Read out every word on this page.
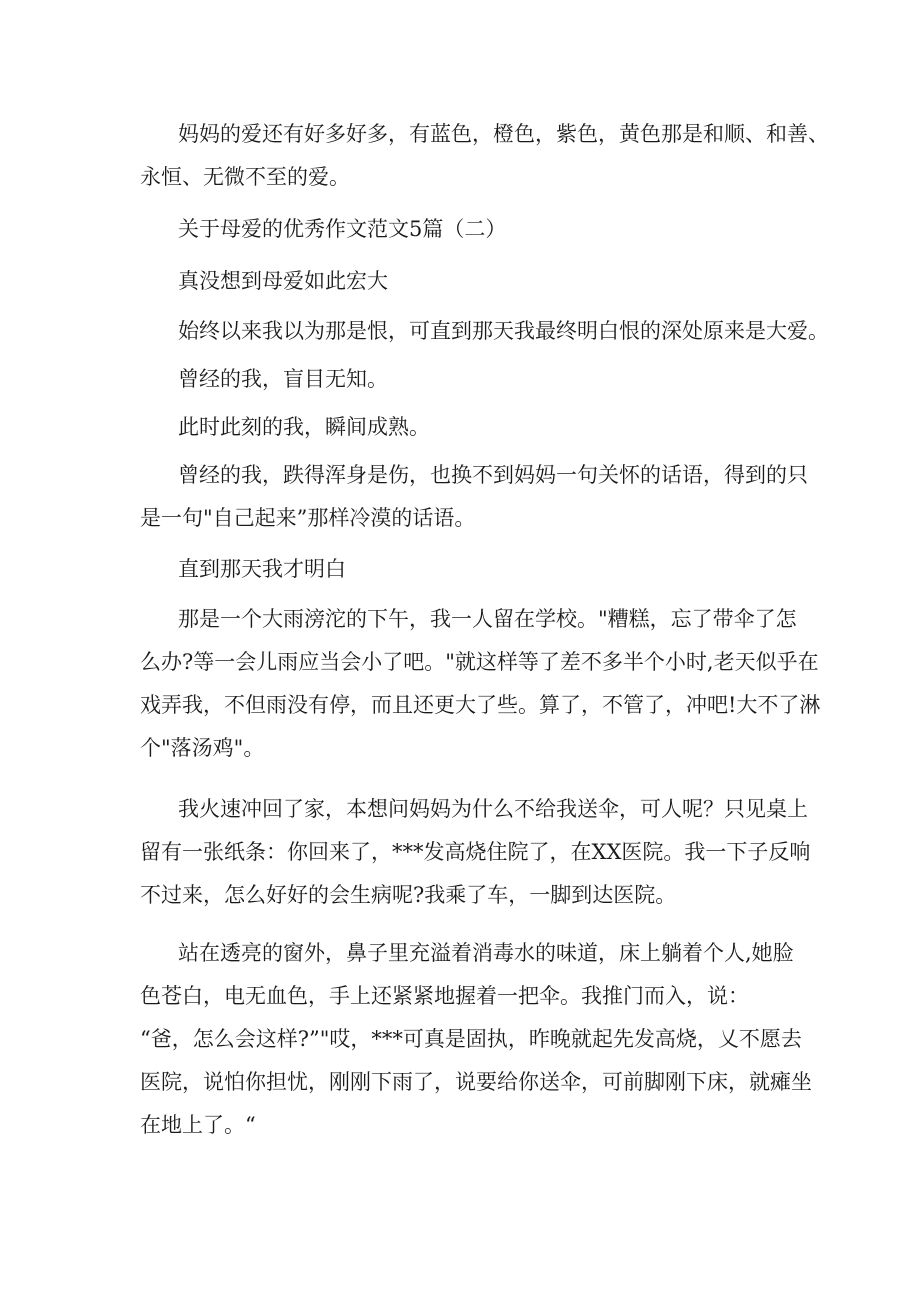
妈妈的爱还有好多好多，有蓝色，橙色，紫色，黄色那是和顺、和善、
永恒、无微不至的爱。
关于母爱的优秀作文范文5篇（二）
真没想到母爱如此宏大
始终以来我以为那是恨，可直到那天我最终明白恨的深处原来是大爱。
曾经的我，盲目无知。
此时此刻的我，瞬间成熟。
曾经的我，跌得浑身是伤，也换不到妈妈一句关怀的话语，得到的只
是一句"自己起来”那样冷漠的话语。
直到那天我才明白
那是一个大雨滂沱的下午，我一人留在学校。"糟糕，忘了带伞了怎
么办?等一会儿雨应当会小了吧。"就这样等了差不多半个小时,老天似乎在
戏弄我，不但雨没有停，而且还更大了些。算了，不管了，冲吧!大不了淋
个"落汤鸡"。
我火速冲回了家，本想问妈妈为什么不给我送伞，可人呢？只见桌上
留有一张纸条：你回来了，***发高烧住院了，在XX医院。我一下子反响
不过来，怎么好好的会生病呢?我乘了车，一脚到达医院。
站在透亮的窗外，鼻子里充溢着消毒水的味道，床上躺着个人,她脸
色苍白，电无血色，手上还紧紧地握着一把伞。我推门而入，说：
“爸，怎么会这样?”"哎，***可真是固执，昨晚就起先发高烧，乂不愿去
医院，说怕你担忧，刚刚下雨了，说要给你送伞，可前脚刚下床，就瘫坐
在地上了。“
